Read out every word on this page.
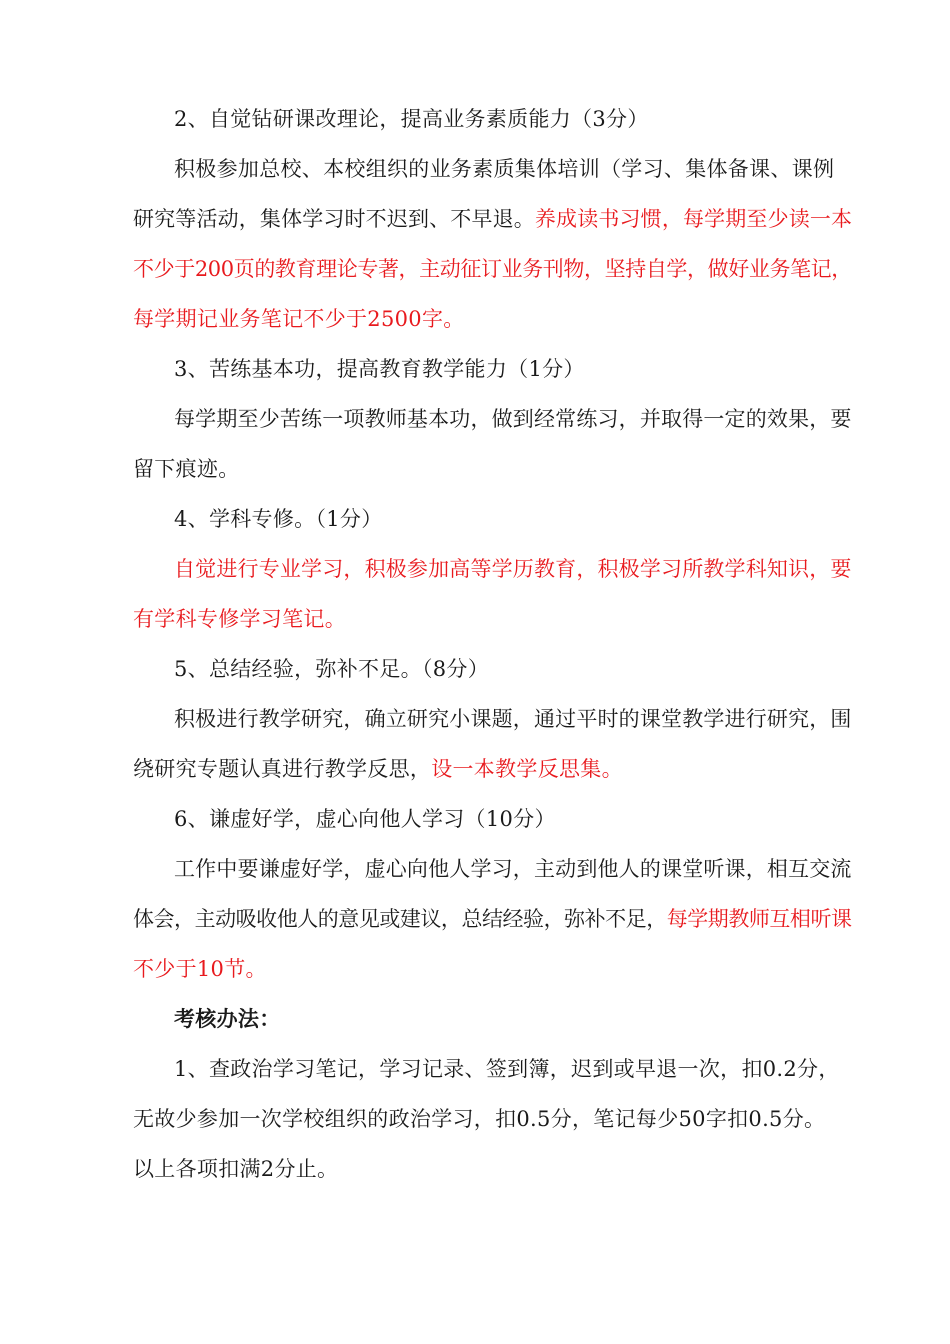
2、自觉钻研课改理论，提高业务素质能力（3分）
积极参加总校、本校组织的业务素质集体培训（学习、集体备课、课例
研究等活动，集体学习时不迟到、不早退。养成读书习惯，每学期至少读一本
不少于200页的教育理论专著，主动征订业务刊物，坚持自学，做好业务笔记，
每学期记业务笔记不少于2500字。
3、苦练基本功，提高教育教学能力（1分）
每学期至少苦练一项教师基本功，做到经常练习，并取得一定的效果，要
留下痕迹。
4、学科专修。（1分）
自觉进行专业学习，积极参加高等学历教育，积极学习所教学科知识，要
有学科专修学习笔记。
5、总结经验，弥补不足。（8分）
积极进行教学研究，确立研究小课题，通过平时的课堂教学进行研究，围
绕研究专题认真进行教学反思，设一本教学反思集。
6、谦虚好学，虚心向他人学习（10分）
工作中要谦虚好学，虚心向他人学习，主动到他人的课堂听课，相互交流
体会，主动吸收他人的意见或建议，总结经验，弥补不足，每学期教师互相听课
不少于10节。
考核办法：
1、查政治学习笔记，学习记录、签到簿，迟到或早退一次，扣0.2分，
无故少参加一次学校组织的政治学习，扣0.5分，笔记每少50字扣0.5分。
以上各项扣满2分止。
